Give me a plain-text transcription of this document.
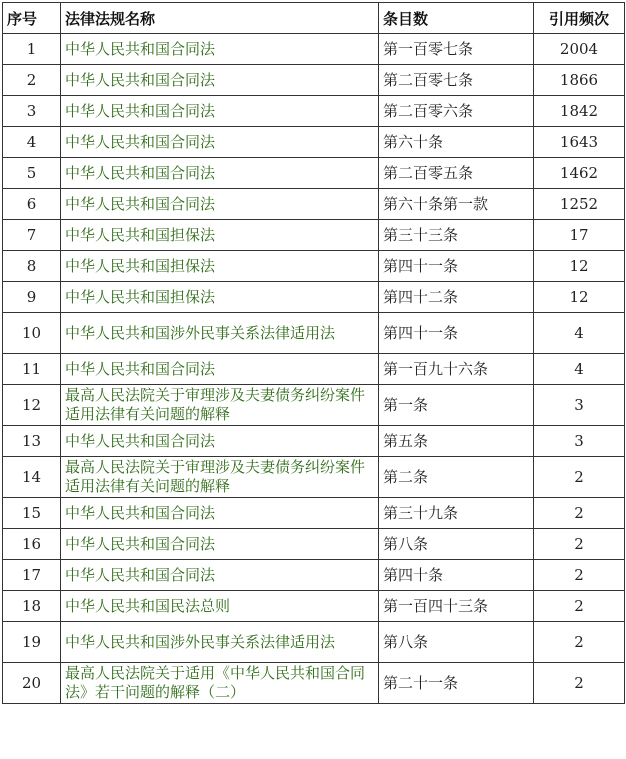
序号	法律法规名称	条目数	引用频次
1	中华人民共和国合同法	第一百零七条	2004
2	中华人民共和国合同法	第二百零七条	1866
3	中华人民共和国合同法	第二百零六条	1842
4	中华人民共和国合同法	第六十条	1643
5	中华人民共和国合同法	第二百零五条	1462
6	中华人民共和国合同法	第六十条第一款	1252
7	中华人民共和国担保法	第三十三条	17
8	中华人民共和国担保法	第四十一条	12
9	中华人民共和国担保法	第四十二条	12
10	中华人民共和国涉外民事关系法律适用法	第四十一条	4
11	中华人民共和国合同法	第一百九十六条	4
12	最高人民法院关于审理涉及夫妻债务纠纷案件适用法律有关问题的解释	第一条	3
13	中华人民共和国合同法	第五条	3
14	最高人民法院关于审理涉及夫妻债务纠纷案件适用法律有关问题的解释	第二条	2
15	中华人民共和国合同法	第三十九条	2
16	中华人民共和国合同法	第八条	2
17	中华人民共和国合同法	第四十条	2
18	中华人民共和国民法总则	第一百四十三条	2
19	中华人民共和国涉外民事关系法律适用法	第八条	2
20	最高人民法院关于适用《中华人民共和国合同法》若干问题的解释（二）	第二十一条	2
